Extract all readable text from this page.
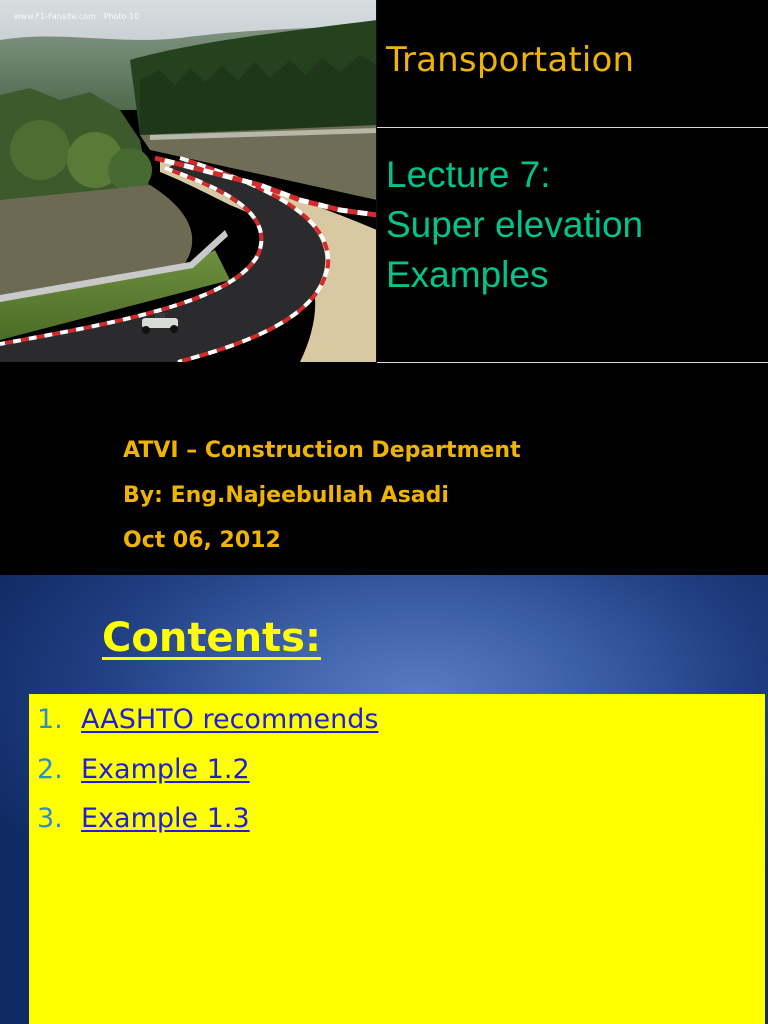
www.F1-Fansite.com · Photo 10
Transportation
Lecture 7:
Super elevation
Examples
ATVI – Construction Department
By: Eng.Najeebullah Asadi
Oct 06, 2012
Contents:
1. AASHTO recommends
2. Example 1.2
3. Example 1.3
